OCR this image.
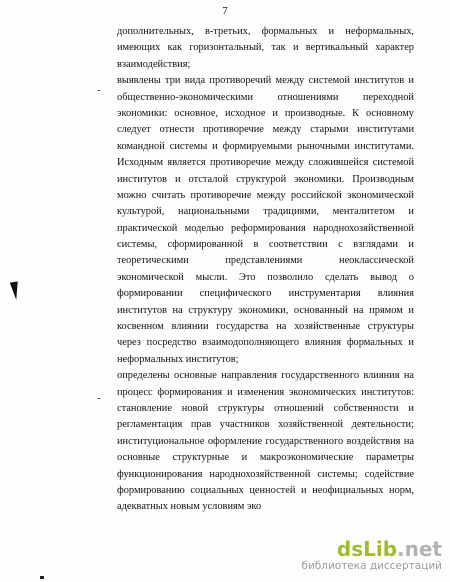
7
-
-
дополнительных, в-третьих, формальных и неформальных,
имеющих как горизонтальный, так и вертикальный характер
взаимодействия;
выявлены три вида противоречий между системой институтов и
общественно-экономическими отношениями переходной
экономики: основное, исходное и производные. К основному
следует отнести противоречие между старыми институтами
командной системы и формируемыми рыночными институтами.
Исходным является противоречие между сложившейся системой
институтов и отсталой структурой экономики. Производным
можно считать противоречие между российской экономической
культурой, национальными традициями, менталитетом и
практической моделью реформирования народнохозяйственной
системы, сформированной в соответствии с взглядами и
теоретическими представлениями неоклассической
экономической мысли. Это позволило сделать вывод о
формировании специфического инструментария влияния
институтов на структуру экономики, основанный на прямом и
косвенном влиянии государства на хозяйственные структуры
через посредство взаимодополняющего влияния формальных и
неформальных институтов;
определены основные направления государственного влияния на
процесс формирования и изменения экономических институтов:
становление новой структуры отношений собственности и
регламентация прав участников хозяйственной деятельности;
институциональное оформление государственного воздействия на
основные структурные и макроэкономические параметры
функционирования народнохозяйственной системы; содействие
формированию социальных ценностей и неофициальных норм,
адекватных новым условиям эко
dsLib.net
библиотека диссертаций
